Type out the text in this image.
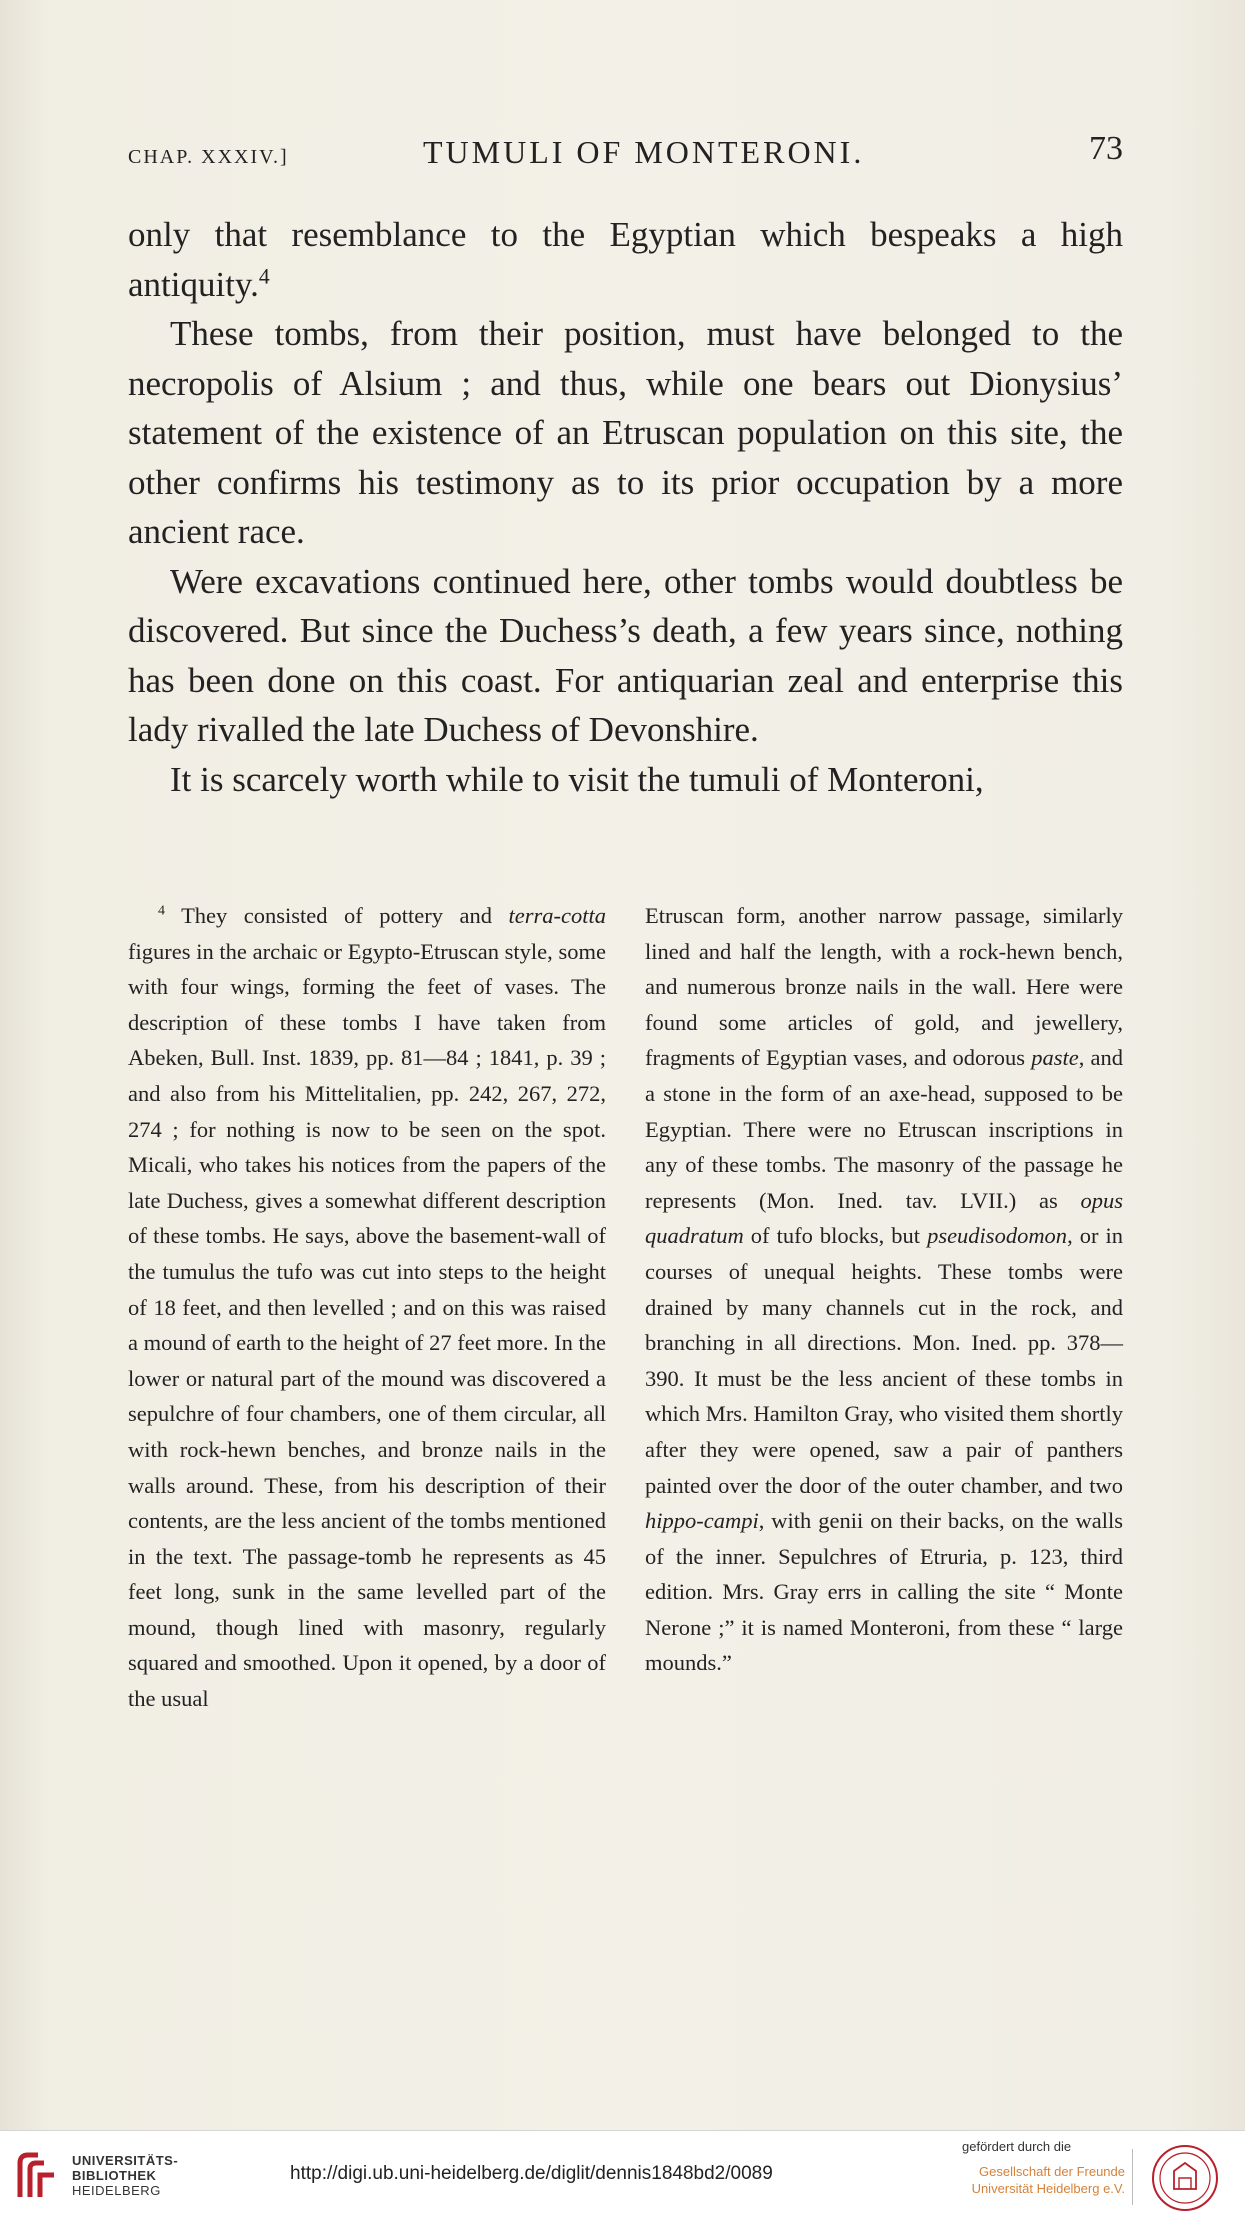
CHAP. XXXIV.]	TUMULI OF MONTERONI.	73

only that resemblance to the Egyptian which bespeaks a high antiquity.$^4$

These tombs, from their position, must have belonged to the necropolis of Alsium ; and thus, while one bears out Dionysius’ statement of the existence of an Etruscan population on this site, the other confirms his testimony as to its prior occupation by a more ancient race.

Were excavations continued here, other tombs would doubtless be discovered. But since the Duchess’s death, a few years since, nothing has been done on this coast. For antiquarian zeal and enterprise this lady rivalled the late Duchess of Devonshire.

It is scarcely worth while to visit the tumuli of Monteroni,

$^4$ They consisted of pottery and terra-cotta figures in the archaic or Egypto-Etruscan style, some with four wings, forming the feet of vases. The description of these tombs I have taken from Abeken, Bull. Inst. 1839, pp. 81—84 ; 1841, p. 39 ; and also from his Mittelitalien, pp. 242, 267, 272, 274 ; for nothing is now to be seen on the spot. Micali, who takes his notices from the papers of the late Duchess, gives a somewhat different description of these tombs. He says, above the basement-wall of the tumulus the tufo was cut into steps to the height of 18 feet, and then levelled ; and on this was raised a mound of earth to the height of 27 feet more. In the lower or natural part of the mound was discovered a sepulchre of four chambers, one of them circular, all with rock-hewn benches, and bronze nails in the walls around. These, from his description of their contents, are the less ancient of the tombs mentioned in the text. The passage-tomb he represents as 45 feet long, sunk in the same levelled part of the mound, though lined with masonry, regularly squared and smoothed. Upon it opened, by a door of the usual

Etruscan form, another narrow passage, similarly lined and half the length, with a rock-hewn bench, and numerous bronze nails in the wall. Here were found some articles of gold, and jewellery, fragments of Egyptian vases, and odorous paste, and a stone in the form of an axe-head, supposed to be Egyptian. There were no Etruscan inscriptions in any of these tombs. The masonry of the passage he represents (Mon. Ined. tav. LVII.) as opus quadratum of tufo blocks, but pseudisodomon, or in courses of unequal heights. These tombs were drained by many channels cut in the rock, and branching in all directions. Mon. Ined. pp. 378—390. It must be the less ancient of these tombs in which Mrs. Hamilton Gray, who visited them shortly after they were opened, saw a pair of panthers painted over the door of the outer chamber, and two hippo-campi, with genii on their backs, on the walls of the inner. Sepulchres of Etruria, p. 123, third edition. Mrs. Gray errs in calling the site “ Monte Nerone ;” it is named Monteroni, from these “ large mounds.”

UNIVERSITÄTS-
BIBLIOTHEK
HEIDELBERG
http://digi.ub.uni-heidelberg.de/diglit/dennis1848bd2/0089
gefördert durch die
Gesellschaft der Freunde
Universität Heidelberg e.V.
